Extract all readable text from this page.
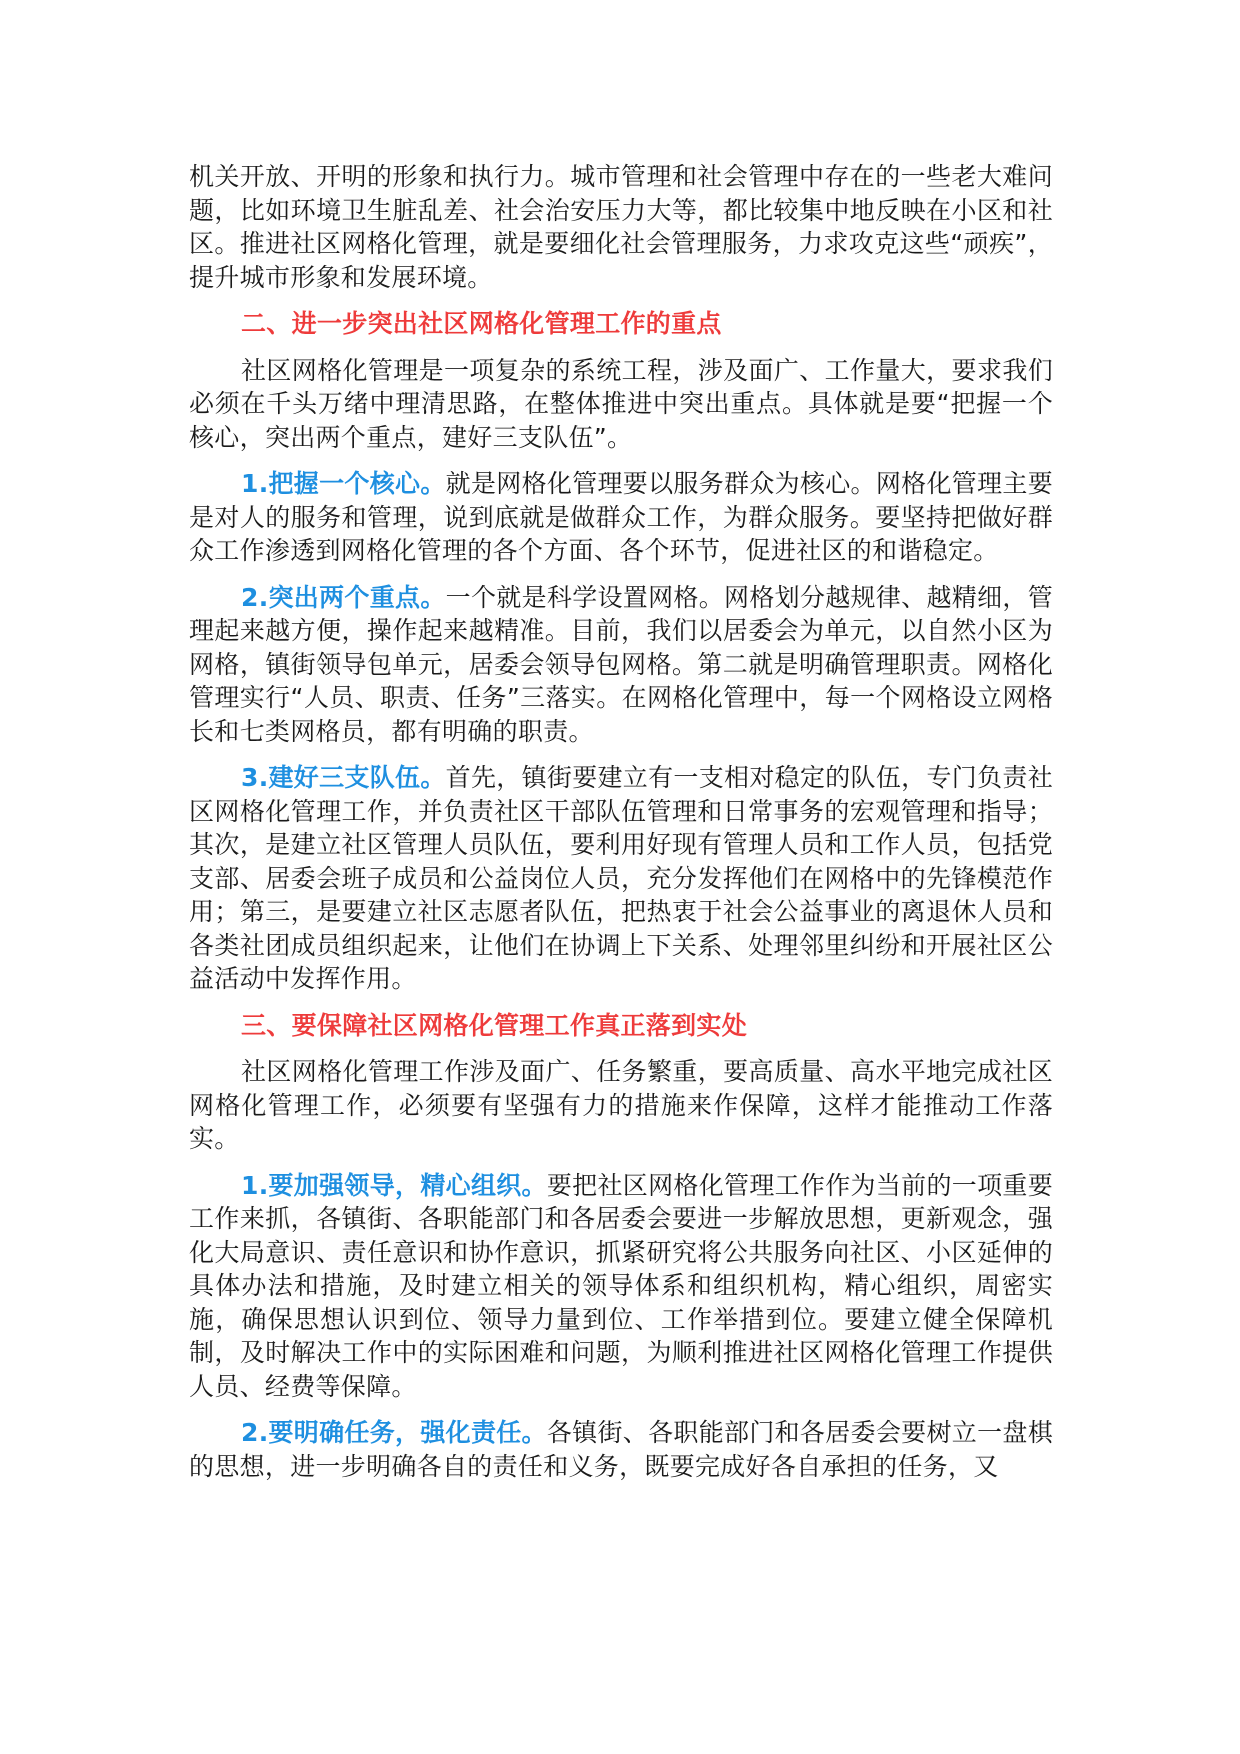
机关开放、开明的形象和执行力。城市管理和社会管理中存在的一些老大难问题，比如环境卫生脏乱差、社会治安压力大等，都比较集中地反映在小区和社区。推进社区网格化管理，就是要细化社会管理服务，力求攻克这些“顽疾”，提升城市形象和发展环境。

二、进一步突出社区网格化管理工作的重点

社区网格化管理是一项复杂的系统工程，涉及面广、工作量大，要求我们必须在千头万绪中理清思路，在整体推进中突出重点。具体就是要“把握一个核心，突出两个重点，建好三支队伍”。

1.把握一个核心。就是网格化管理要以服务群众为核心。网格化管理主要是对人的服务和管理，说到底就是做群众工作，为群众服务。要坚持把做好群众工作渗透到网格化管理的各个方面、各个环节，促进社区的和谐稳定。

2.突出两个重点。一个就是科学设置网格。网格划分越规律、越精细，管理起来越方便，操作起来越精准。目前，我们以居委会为单元，以自然小区为网格，镇街领导包单元，居委会领导包网格。第二就是明确管理职责。网格化管理实行“人员、职责、任务”三落实。在网格化管理中，每一个网格设立网格长和七类网格员，都有明确的职责。

3.建好三支队伍。首先，镇街要建立有一支相对稳定的队伍，专门负责社区网格化管理工作，并负责社区干部队伍管理和日常事务的宏观管理和指导；其次，是建立社区管理人员队伍，要利用好现有管理人员和工作人员，包括党支部、居委会班子成员和公益岗位人员，充分发挥他们在网格中的先锋模范作用；第三，是要建立社区志愿者队伍，把热衷于社会公益事业的离退休人员和各类社团成员组织起来，让他们在协调上下关系、处理邻里纠纷和开展社区公益活动中发挥作用。

三、要保障社区网格化管理工作真正落到实处

社区网格化管理工作涉及面广、任务繁重，要高质量、高水平地完成社区网格化管理工作，必须要有坚强有力的措施来作保障，这样才能推动工作落实。

1.要加强领导，精心组织。要把社区网格化管理工作作为当前的一项重要工作来抓，各镇街、各职能部门和各居委会要进一步解放思想，更新观念，强化大局意识、责任意识和协作意识，抓紧研究将公共服务向社区、小区延伸的具体办法和措施，及时建立相关的领导体系和组织机构，精心组织，周密实施，确保思想认识到位、领导力量到位、工作举措到位。要建立健全保障机制，及时解决工作中的实际困难和问题，为顺利推进社区网格化管理工作提供人员、经费等保障。

2.要明确任务，强化责任。各镇街、各职能部门和各居委会要树立一盘棋的思想，进一步明确各自的责任和义务，既要完成好各自承担的任务，又
